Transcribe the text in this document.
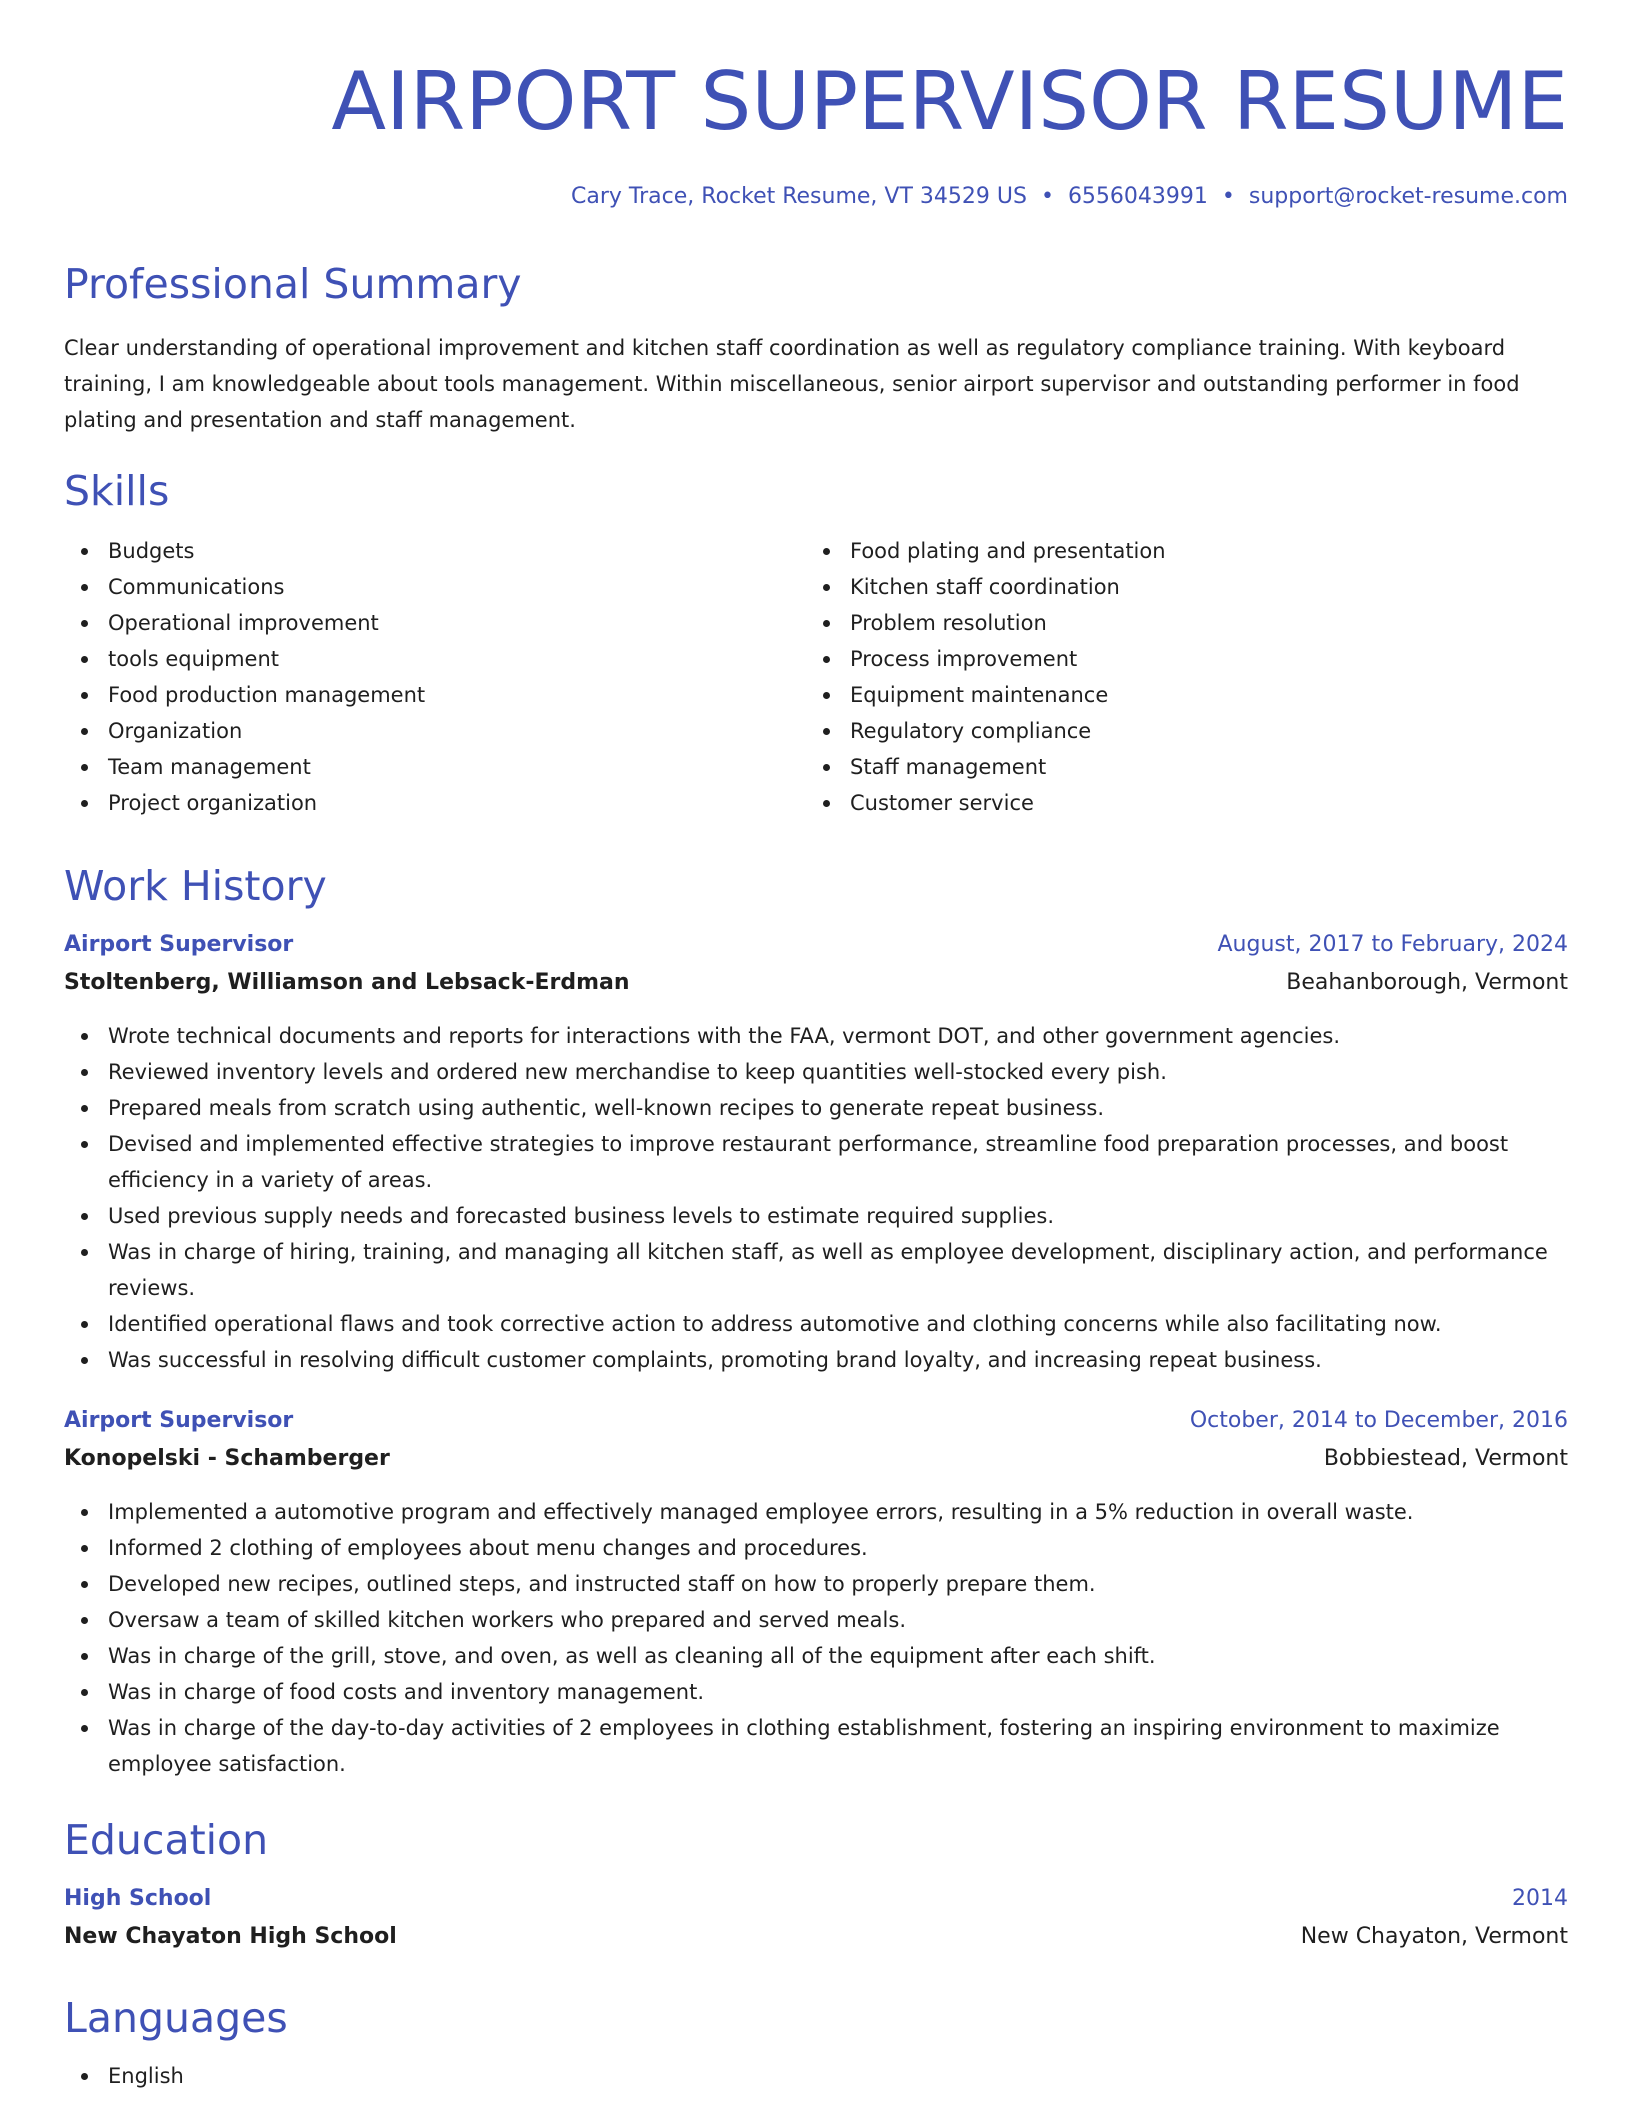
AIRPORT SUPERVISOR RESUME
Cary Trace, Rocket Resume, VT 34529 US • 6556043991 • support@rocket-resume.com
Professional Summary

Clear understanding of operational improvement and kitchen staff coordination as well as regulatory compliance training. With keyboard training, I am knowledgeable about tools management. Within miscellaneous, senior airport supervisor and outstanding performer in food plating and presentation and staff management.

Skills
Budgets
Communications
Operational improvement
tools equipment
Food production management
Organization
Team management
Project organization
Food plating and presentation
Kitchen staff coordination
Problem resolution
Process improvement
Equipment maintenance
Regulatory compliance
Staff management
Customer service
Work History
Airport Supervisor	August, 2017 to February, 2024
Stoltenberg, Williamson and Lebsack-Erdman	Beahanborough, Vermont
Wrote technical documents and reports for interactions with the FAA, vermont DOT, and other government agencies.
Reviewed inventory levels and ordered new merchandise to keep quantities well-stocked every pish.
Prepared meals from scratch using authentic, well-known recipes to generate repeat business.
Devised and implemented effective strategies to improve restaurant performance, streamline food preparation processes, and boost efficiency in a variety of areas.
Used previous supply needs and forecasted business levels to estimate required supplies.
Was in charge of hiring, training, and managing all kitchen staff, as well as employee development, disciplinary action, and performance reviews.
Identified operational flaws and took corrective action to address automotive and clothing concerns while also facilitating now.
Was successful in resolving difficult customer complaints, promoting brand loyalty, and increasing repeat business.
Airport Supervisor	October, 2014 to December, 2016
Konopelski - Schamberger	Bobbiestead, Vermont
Implemented a automotive program and effectively managed employee errors, resulting in a 5% reduction in overall waste.
Informed 2 clothing of employees about menu changes and procedures.
Developed new recipes, outlined steps, and instructed staff on how to properly prepare them.
Oversaw a team of skilled kitchen workers who prepared and served meals.
Was in charge of the grill, stove, and oven, as well as cleaning all of the equipment after each shift.
Was in charge of food costs and inventory management.
Was in charge of the day-to-day activities of 2 employees in clothing establishment, fostering an inspiring environment to maximize employee satisfaction.
Education
High School	2014
New Chayaton High School	New Chayaton, Vermont
Languages
English
